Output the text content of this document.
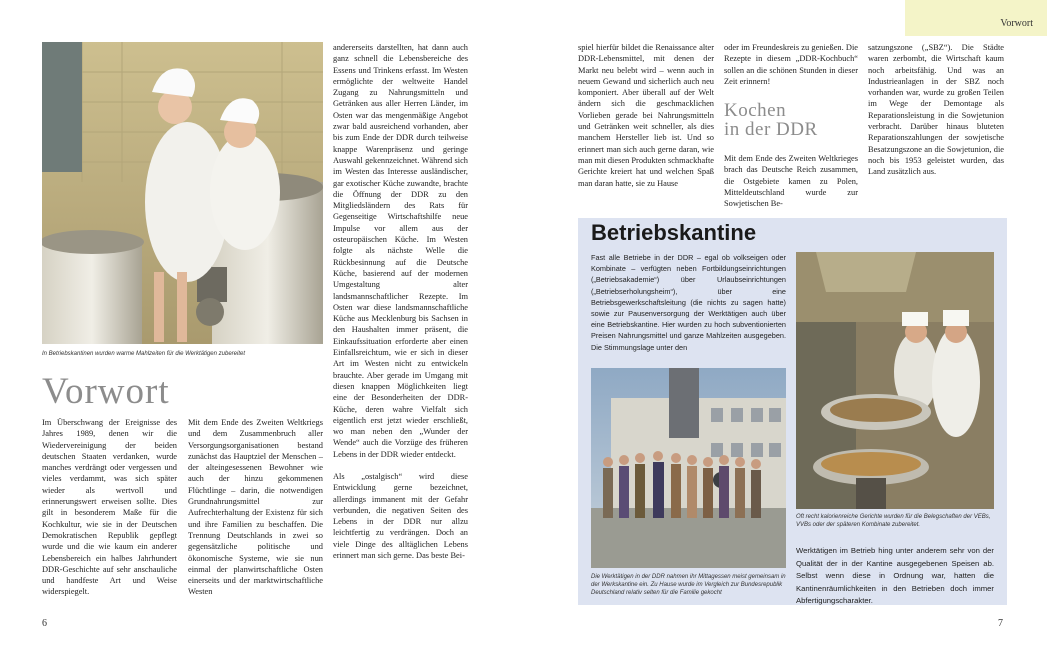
Vorwort
In Betriebskantinen wurden warme Mahlzeiten für die Werktätigen zubereitet
Vorwort

Im Überschwang der Ereignisse des Jahres 1989, denen wir die Wiedervereinigung der beiden deutschen Staaten verdanken, wurde manches verdrängt oder vergessen und vieles verdammt, was sich später wieder als wertvoll und erinnerungswert erweisen sollte. Dies gilt in besonderem Maße für die Kochkultur, wie sie in der Deutschen Demokratischen Republik gepflegt wurde und die wie kaum ein anderer Lebensbereich ein halbes Jahrhundert DDR-Geschichte auf sehr anschauliche und handfeste Art und Weise widerspiegelt.

Mit dem Ende des Zweiten Weltkriegs und dem Zusammenbruch aller Versorgungsorganisationen bestand zunächst das Hauptziel der Menschen – der alteingesessenen Bewohner wie auch der hinzu gekommenen Flüchtlinge – darin, die notwendigen Grundnahrungsmittel zur Aufrechterhaltung der Existenz für sich und ihre Familien zu beschaffen. Die Trennung Deutschlands in zwei so gegensätzliche politische und ökonomische Systeme, wie sie nun einmal der planwirtschaftliche Osten einerseits und der marktwirtschaftliche Westen

andererseits darstellten, hat dann auch ganz schnell die Lebensbereiche des Essens und Trinkens erfasst. Im Westen ermöglichte der weltweite Handel Zugang zu Nahrungsmitteln und Getränken aus aller Herren Länder, im Osten war das mengenmäßige Angebot zwar bald ausreichend vorhanden, aber bis zum Ende der DDR durch teilweise knappe Warenpräsenz und geringe Auswahl gekennzeichnet. Während sich im Westen das Interesse ausländischer, gar exotischer Küche zuwandte, brachte die Öffnung der DDR zu den Mitgliedsländern des Rats für Gegenseitige Wirtschaftshilfe neue Impulse vor allem aus der osteuropäischen Küche. Im Westen folgte als nächste Welle die Rückbesinnung auf die Deutsche Küche, basierend auf der modernen Umgestaltung alter landsmannschaftlicher Rezepte. Im Osten war diese landsmannschaftliche Küche aus Mecklenburg bis Sachsen in den Haushalten immer präsent, die Einkaufssituation erforderte aber einen Einfallsreichtum, wie er sich in dieser Art im Westen nicht zu entwickeln brauchte. Aber gerade im Umgang mit diesen knappen Möglichkeiten liegt eine der Besonderheiten der DDR-Küche, deren wahre Vielfalt sich eigentlich erst jetzt wieder erschließt, wo man neben den „Wunder der Wende“ auch die Vorzüge des früheren Lebens in der DDR wieder entdeckt.

Als „ostalgisch“ wird diese Entwicklung gerne bezeichnet, allerdings immanent mit der Gefahr verbunden, die negativen Seiten des Lebens in der DDR nur allzu leichtfertig zu verdrängen. Doch an viele Dinge des alltäglichen Lebens erinnert man sich gerne. Das beste Bei-

6

spiel hierfür bildet die Renaissance alter DDR-Lebensmittel, mit denen der Markt neu belebt wird – wenn auch in neuem Gewand und sicherlich auch neu komponiert. Aber überall auf der Welt ändern sich die geschmacklichen Vorlieben gerade bei Nahrungsmitteln und Getränken weit schneller, als dies manchem Hersteller lieb ist. Und so erinnert man sich auch gerne daran, wie man mit diesen Produkten schmackhafte Gerichte kreiert hat und welchen Spaß man daran hatte, sie zu Hause

oder im Freundeskreis zu genießen. Die Rezepte in diesem „DDR-Kochbuch“ sollen an die schönen Stunden in dieser Zeit erinnern!

Kochen
in der DDR

Mit dem Ende des Zweiten Weltkrieges brach das Deutsche Reich zusammen, die Ostgebiete kamen zu Polen, Mitteldeutschland wurde zur Sowjetischen Be-

satzungszone („SBZ“). Die Städte waren zerbombt, die Wirtschaft kaum noch arbeitsfähig. Und was an Industrieanlagen in der SBZ noch vorhanden war, wurde zu großen Teilen im Wege der Demontage als Reparationsleistung in die Sowjetunion verbracht. Darüber hinaus bluteten Reparationszahlungen der sowjetische Besatzungszone an die Sowjetunion, die noch bis 1953 geleistet wurden, das Land zusätzlich aus.

Betriebskantine
Fast alle Betriebe in der DDR – egal ob volkseigen oder Kombinate – verfügten neben Fortbildungseinrichtungen („Betriebsakademie“) über Urlaubseinrichtungen („Betriebserholungsheim“), über eine Betriebsgewerkschaftsleitung (die nichts zu sagen hatte) sowie zur Pausenversorgung der Werktätigen auch über eine Betriebskantine. Hier wurden zu hoch subventionierten Preisen Nahrungsmittel und ganze Mahlzeiten ausgegeben. Die Stimmungslage unter den
Die Werktätigen in der DDR nahmen ihr Mittagessen meist gemeinsam in der Werkskantine ein. Zu Hause wurde im Vergleich zur Bundesrepublik Deutschland relativ selten für die Familie gekocht
Oft recht kalorienreiche Gerichte wurden für die Belegschaften der VEBs, VVBs oder der späteren Kombinate zubereitet.
Werktätigen im Betrieb hing unter anderem sehr von der Qualität der in der Kantine ausgegebenen Speisen ab. Selbst wenn diese in Ordnung war, hatten die Kantinenräumlichkeiten in den Betrieben doch immer Abfertigungscharakter.
7
